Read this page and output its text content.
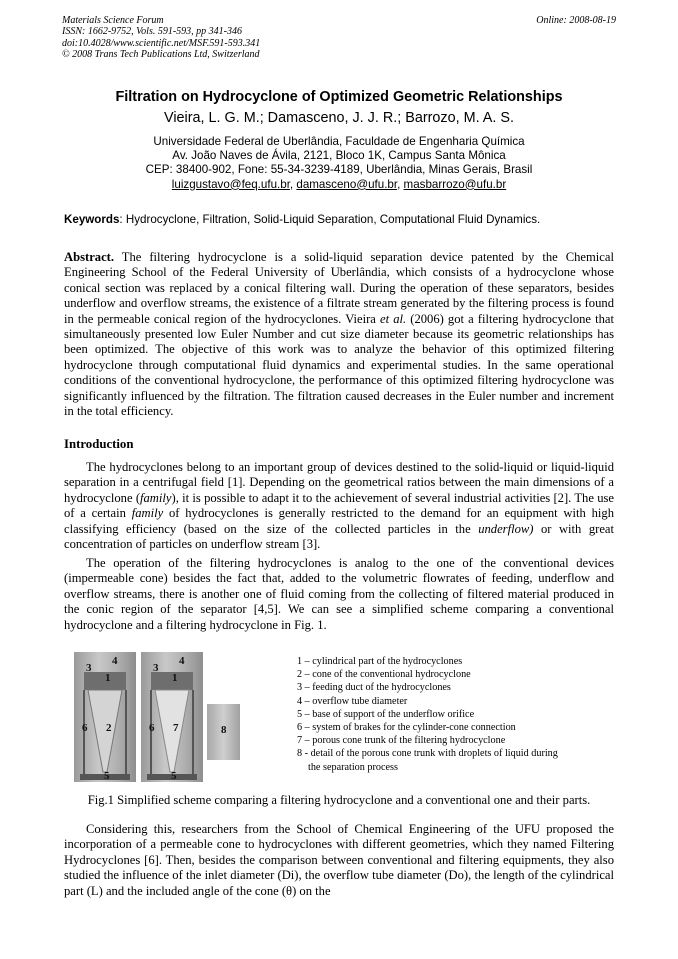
Materials Science Forum
ISSN: 1662-9752, Vols. 591-593, pp 341-346
doi:10.4028/www.scientific.net/MSF.591-593.341
© 2008 Trans Tech Publications Ltd, Switzerland
Online: 2008-08-19
Filtration on Hydrocyclone of Optimized Geometric Relationships
Vieira, L. G. M.; Damasceno, J. J. R.; Barrozo, M. A. S.
Universidade Federal de Uberlândia, Faculdade de Engenharia Química
Av. João Naves de Ávila, 2121, Bloco 1K, Campus Santa Mônica
CEP: 38400-902, Fone: 55-34-3239-4189, Uberlândia, Minas Gerais, Brasil
luizgustavo@feq.ufu.br, damasceno@ufu.br, masbarrozo@ufu.br
Keywords: Hydrocyclone, Filtration, Solid-Liquid Separation, Computational Fluid Dynamics.
Abstract. The filtering hydrocyclone is a solid-liquid separation device patented by the Chemical Engineering School of the Federal University of Uberlândia, which consists of a hydrocyclone whose conical section was replaced by a conical filtering wall. During the operation of these separators, besides underflow and overflow streams, the existence of a filtrate stream generated by the filtering process is found in the permeable conical region of the hydrocyclones. Vieira et al. (2006) got a filtering hydrocyclone that simultaneously presented low Euler Number and cut size diameter because its geometric relationships has been optimized. The objective of this work was to analyze the behavior of this optimized filtering hydrocyclone through computational fluid dynamics and experimental studies. In the same operational conditions of the conventional hydrocyclone, the performance of this optimized filtering hydrocyclone was significantly influenced by the filtration. The filtration caused decreases in the Euler number and increment in the total efficiency.
Introduction
The hydrocyclones belong to an important group of devices destined to the solid-liquid or liquid-liquid separation in a centrifugal field [1]. Depending on the geometrical ratios between the main dimensions of a hydrocyclone (family), it is possible to adapt it to the achievement of several industrial activities [2]. The use of a certain family of hydrocyclones is generally restricted to the demand for an equipment with high classifying efficiency (based on the size of the collected particles in the underflow) or with great concentration of particles on underflow stream [3].
The operation of the filtering hydrocyclones is analog to the one of the conventional devices (impermeable cone) besides the fact that, added to the volumetric flowrates of feeding, underflow and overflow streams, there is another one of fluid coming from the collecting of filtered material produced in the conic region of the separator [4,5]. We can see a simplified scheme comparing a conventional hydrocyclone and a filtering hydrocyclone in Fig. 1.
3
4
1
6 2
5
3
4
1
6 7
5
8
1 – cylindrical part of the hydrocyclones
2 – cone of the conventional hydrocyclone
3 – feeding duct of the hydrocyclones
4 – overflow tube diameter
5 – base of support of the underflow orifice
6 – system of brakes for the cylinder-cone connection
7 – porous cone trunk of the filtering hydrocyclone
8 - detail of the porous cone trunk with droplets of liquid during
the separation process
Fig.1 Simplified scheme comparing a filtering hydrocyclone and a conventional one and their parts.
Considering this, researchers from the School of Chemical Engineering of the UFU proposed the incorporation of a permeable cone to hydrocyclones with different geometries, which they named Filtering Hydrocyclones [6]. Then, besides the comparison between conventional and filtering equipments, they also studied the influence of the inlet diameter (Di), the overflow tube diameter (Do), the length of the cylindrical part (L) and the included angle of the cone (θ) on the
